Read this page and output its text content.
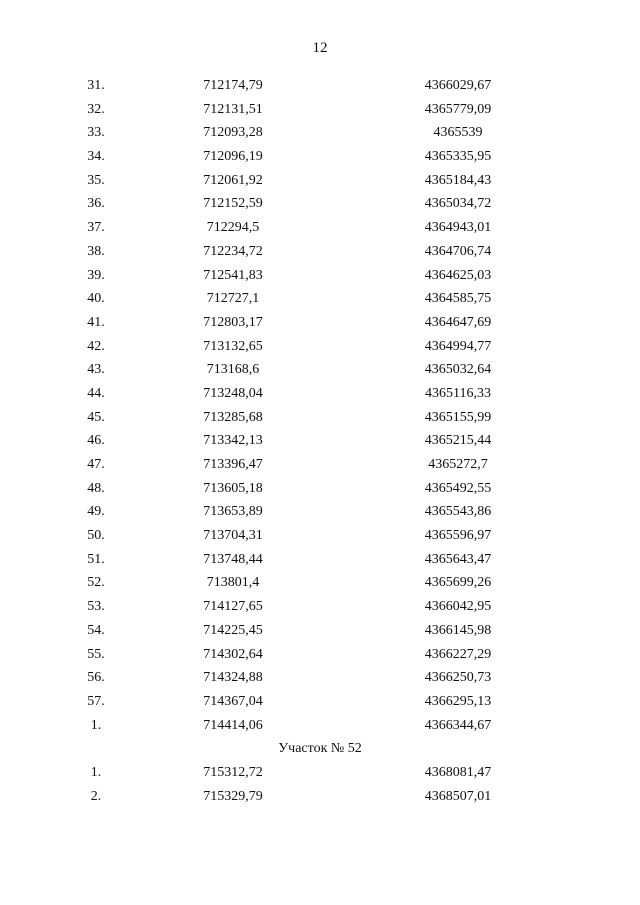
12
31.	712174,79	4366029,67
32.	712131,51	4365779,09
33.	712093,28	4365539
34.	712096,19	4365335,95
35.	712061,92	4365184,43
36.	712152,59	4365034,72
37.	712294,5	4364943,01
38.	712234,72	4364706,74
39.	712541,83	4364625,03
40.	712727,1	4364585,75
41.	712803,17	4364647,69
42.	713132,65	4364994,77
43.	713168,6	4365032,64
44.	713248,04	4365116,33
45.	713285,68	4365155,99
46.	713342,13	4365215,44
47.	713396,47	4365272,7
48.	713605,18	4365492,55
49.	713653,89	4365543,86
50.	713704,31	4365596,97
51.	713748,44	4365643,47
52.	713801,4	4365699,26
53.	714127,65	4366042,95
54.	714225,45	4366145,98
55.	714302,64	4366227,29
56.	714324,88	4366250,73
57.	714367,04	4366295,13
1.	714414,06	4366344,67
Участок № 52
1.	715312,72	4368081,47
2.	715329,79	4368507,01
